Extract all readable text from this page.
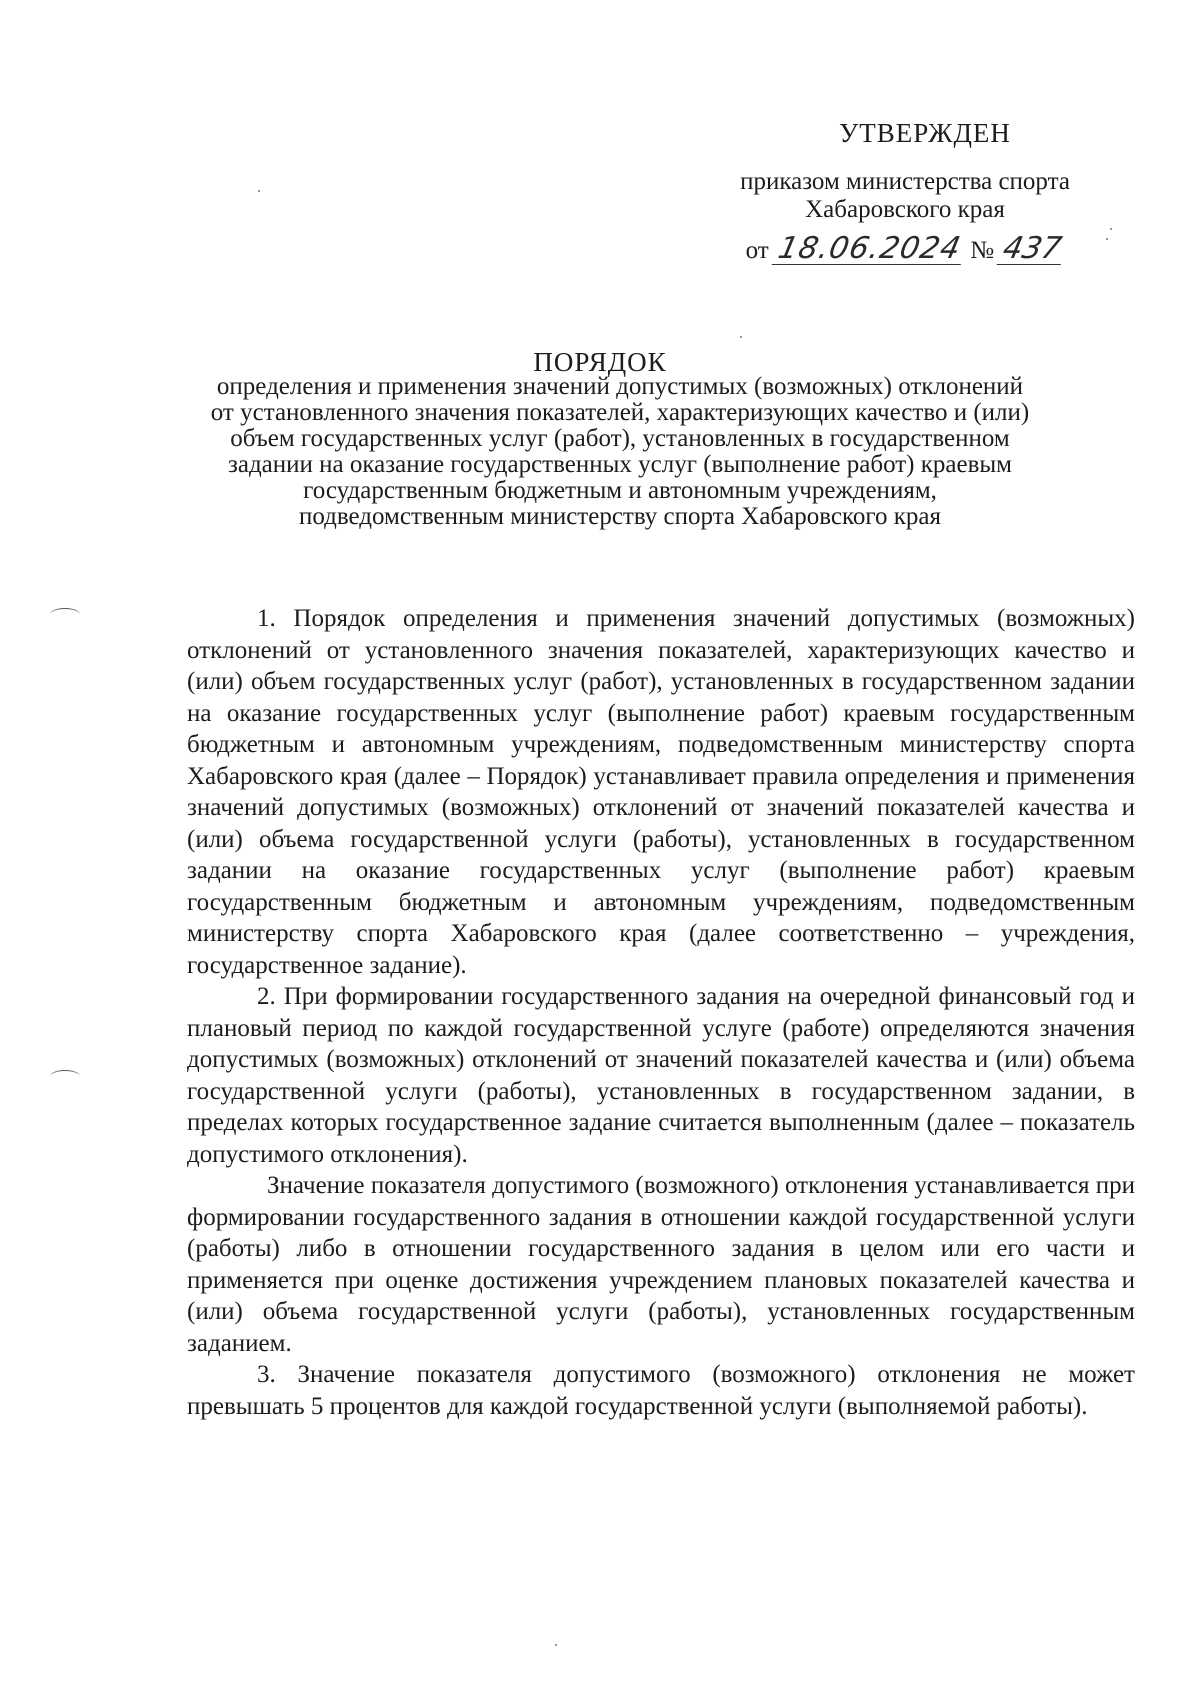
УТВЕРЖДЕН
приказом министерства спорта
Хабаровского края
от 18.06.2024 № 437
ПОРЯДОК
определения и применения значений допустимых (возможных) отклонений
от установленного значения показателей, характеризующих качество и (или)
объем государственных услуг (работ), установленных в государственном
задании на оказание государственных услуг (выполнение работ) краевым
государственным бюджетным и автономным учреждениям,
подведомственным министерству спорта Хабаровского края

1. Порядок определения и применения значений допустимых (возможных) отклонений от установленного значения показателей, характеризующих качество и (или) объем государственных услуг (работ), установленных в государственном задании на оказание государственных услуг (выполнение работ) краевым государственным бюджетным и автономным учреждениям, подведомственным министерству спорта Хабаровского края (далее – Порядок) устанавливает правила определения и применения значений допустимых (возможных) отклонений от значений показателей качества и (или) объема государственной услуги (работы), установленных в государственном задании на оказание государственных услуг (выполнение работ) краевым государственным бюджетным и автономным учреждениям, подведомственным министерству спорта Хабаровского края (далее соответственно – учреждения, государственное задание).

2. При формировании государственного задания на очередной финансовый год и плановый период по каждой государственной услуге (работе) определяются значения допустимых (возможных) отклонений от значений показателей качества и (или) объема государственной услуги (работы), установленных в государственном задании, в пределах которых государственное задание считается выполненным (далее – показатель допустимого отклонения).

Значение показателя допустимого (возможного) отклонения устанавливается при формировании государственного задания в отношении каждой государственной услуги (работы) либо в отношении государственного задания в целом или его части и применяется при оценке достижения учреждением плановых показателей качества и (или) объема государственной услуги (работы), установленных государственным заданием.

3. Значение показателя допустимого (возможного) отклонения не может превышать 5 процентов для каждой государственной услуги (выполняемой работы).
